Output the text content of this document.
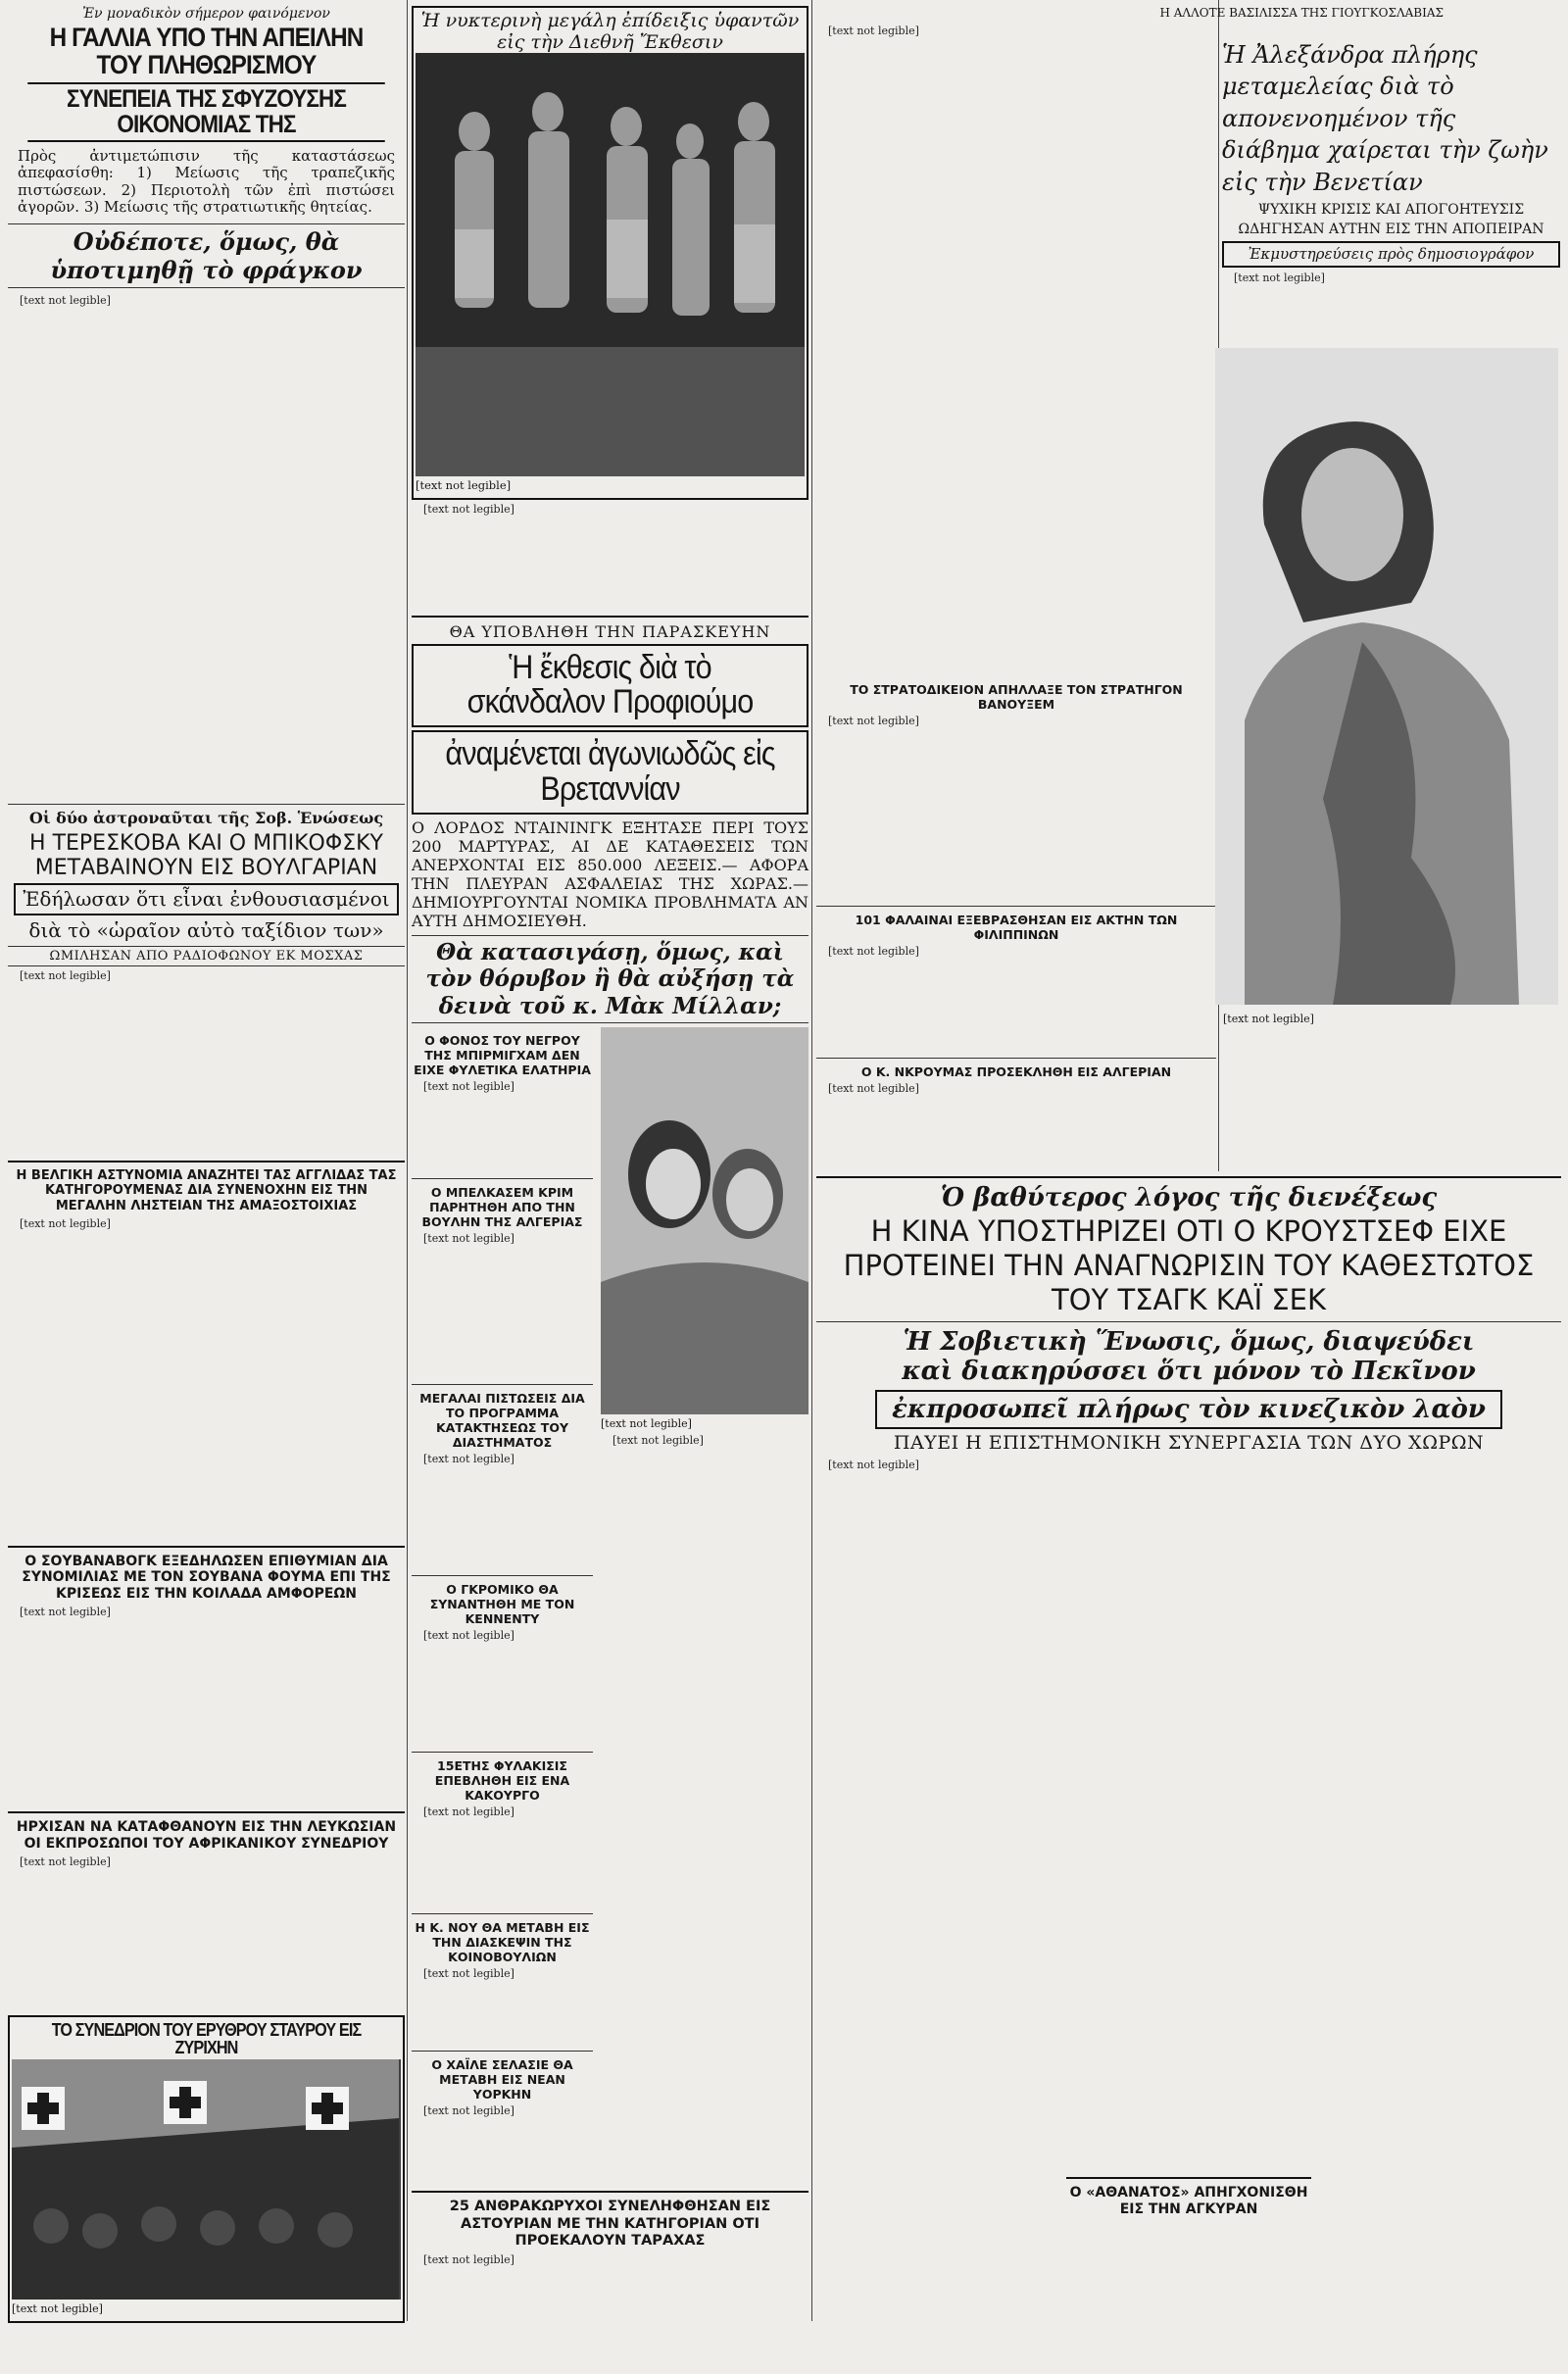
Ἐν μοναδικὸν σήμερον φαινόμενον
Η ΓΑΛΛΙΑ ΥΠΟ ΤΗΝ ΑΠΕΙΛΗΝ ΤΟΥ ΠΛΗΘΩΡΙΣΜΟΥ
ΣΥΝΕΠΕΙΑ ΤΗΣ ΣΦΥΖΟΥΣΗΣ ΟΙΚΟΝΟΜΙΑΣ ΤΗΣ
Πρὸς ἀντιμετώπισιν τῆς καταστάσεως ἀπεφασίσθη: 1) Μείωσις τῆς τραπεζικῆς πιστώσεων. 2) Περιοτολὴ τῶν ἐπὶ πιστώσει ἀγορῶν. 3) Μείωσις τῆς στρατιωτικῆς θητείας.
Οὐδέποτε, ὅμως, θὰ ὑποτιμηθῇ τὸ φράγκον

[text not legible]

Οἱ δύο ἀστροναῦται τῆς Σοβ. Ἑνώσεως
Η ΤΕΡΕΣΚΟΒΑ ΚΑΙ Ο ΜΠΙΚΟΦΣΚΥ
ΜΕΤΑΒΑΙΝΟΥΝ ΕΙΣ ΒΟΥΛΓΑΡΙΑΝ
Ἐδήλωσαν ὅτι εἶναι ἐνθουσιασμένοι
διὰ τὸ «ὡραῖον αὐτὸ ταξίδιον των»
ΩΜΙΛΗΣΑΝ ΑΠΟ ΡΑΔΙΟΦΩΝΟΥ ΕΚ ΜΟΣΧΑΣ

[text not legible]

Η ΒΕΛΓΙΚΗ ΑΣΤΥΝΟΜΙΑ ΑΝΑΖΗΤΕΙ ΤΑΣ ΑΓΓΛΙΔΑΣ ΤΑΣ ΚΑΤΗΓΟΡΟΥΜΕΝΑΣ ΔΙΑ ΣΥΝΕΝΟΧΗΝ ΕΙΣ ΤΗΝ ΜΕΓΑΛΗΝ ΛΗΣΤΕΙΑΝ ΤΗΣ ΑΜΑΞΟΣΤΟΙΧΙΑΣ

[text not legible]

Ο ΣΟΥΒΑΝΑΒΟΓΚ ΕΞΕΔΗΛΩΣΕΝ ΕΠΙΘΥΜΙΑΝ ΔΙΑ ΣΥΝΟΜΙΛΙΑΣ ΜΕ ΤΟΝ ΣΟΥΒΑΝΑ ΦΟΥΜΑ ΕΠΙ ΤΗΣ ΚΡΙΣΕΩΣ ΕΙΣ ΤΗΝ ΚΟΙΛΑΔΑ ΑΜΦΟΡΕΩΝ

[text not legible]

ΗΡΧΙΣΑΝ ΝΑ ΚΑΤΑΦΘΑΝΟΥΝ ΕΙΣ ΤΗΝ ΛΕΥΚΩΣΙΑΝ ΟΙ ΕΚΠΡΟΣΩΠΟΙ ΤΟΥ ΑΦΡΙΚΑΝΙΚΟΥ ΣΥΝΕΔΡΙΟΥ

[text not legible]

ΤΟ ΣΥΝΕΔΡΙΟΝ ΤΟΥ ΕΡΥΘΡΟΥ ΣΤΑΥΡΟΥ ΕΙΣ ΖΥΡΙΧΗΝ
[text not legible]
Ἡ νυκτερινὴ μεγάλη ἐπίδειξις ὑφαντῶν εἰς τὴν Διεθνῆ Ἔκθεσιν
[text not legible]

[text not legible]

ΘΑ ΥΠΟΒΛΗΘΗ ΤΗΝ ΠΑΡΑΣΚΕΥΗΝ
Ἡ ἔκθεσις διὰ τὸ σκάνδαλον Προφιούμο
ἀναμένεται ἀγωνιωδῶς εἰς Βρεταννίαν
Ο ΛΟΡΔΟΣ ΝΤΑΙΝΙΝΓΚ ΕΞΗΤΑΣΕ ΠΕΡΙ ΤΟΥΣ 200 ΜΑΡΤΥΡΑΣ, ΑΙ ΔΕ ΚΑΤΑΘΕΣΕΙΣ ΤΩΝ ΑΝΕΡΧΟΝΤΑΙ ΕΙΣ 850.000 ΛΕΞΕΙΣ.— ΑΦΟΡΑ ΤΗΝ ΠΛΕΥΡΑΝ ΑΣΦΑΛΕΙΑΣ ΤΗΣ ΧΩΡΑΣ.— ΔΗΜΙΟΥΡΓΟΥΝΤΑΙ ΝΟΜΙΚΑ ΠΡΟΒΛΗΜΑΤΑ ΑΝ ΑΥΤΗ ΔΗΜΟΣΙΕΥΘΗ.
Θὰ κατασιγάσῃ, ὅμως, καὶ τὸν θόρυβον ἢ θὰ αὐξήσῃ τὰ δεινὰ τοῦ κ. Μὰκ Μίλλαν;
Ο ΦΟΝΟΣ ΤΟΥ ΝΕΓΡΟΥ ΤΗΣ ΜΠΙΡΜΙΓΧΑΜ ΔΕΝ ΕΙΧΕ ΦΥΛΕΤΙΚΑ ΕΛΑΤΗΡΙΑ

[text not legible]

Ο ΜΠΕΛΚΑΣΕΜ ΚΡΙΜ ΠΑΡΗΤΗΘΗ ΑΠΟ ΤΗΝ ΒΟΥΛΗΝ ΤΗΣ ΑΛΓΕΡΙΑΣ

[text not legible]

ΜΕΓΑΛΑΙ ΠΙΣΤΩΣΕΙΣ ΔΙΑ ΤΟ ΠΡΟΓΡΑΜΜΑ ΚΑΤΑΚΤΗΣΕΩΣ ΤΟΥ ΔΙΑΣΤΗΜΑΤΟΣ

[text not legible]

Ο ΓΚΡΟΜΙΚΟ ΘΑ ΣΥΝΑΝΤΗΘΗ ΜΕ ΤΟΝ ΚΕΝΝΕΝΤΥ

[text not legible]

15ΕΤΗΣ ΦΥΛΑΚΙΣΙΣ ΕΠΕΒΛΗΘΗ ΕΙΣ ΕΝΑ ΚΑΚΟΥΡΓΟ

[text not legible]

Η Κ. ΝΟΥ ΘΑ ΜΕΤΑΒΗ ΕΙΣ ΤΗΝ ΔΙΑΣΚΕΨΙΝ ΤΗΣ ΚΟΙΝΟΒΟΥΛΙΩΝ

[text not legible]

Ο ΧΑΪΛΕ ΣΕΛΑΣΙΕ ΘΑ ΜΕΤΑΒΗ ΕΙΣ ΝΕΑΝ ΥΟΡΚΗΝ

[text not legible]

[text not legible]

[text not legible]

25 ΑΝΘΡΑΚΩΡΥΧΟΙ ΣΥΝΕΛΗΦΘΗΣΑΝ ΕΙΣ ΑΣΤΟΥΡΙΑΝ ΜΕ ΤΗΝ ΚΑΤΗΓΟΡΙΑΝ ΟΤΙ ΠΡΟΕΚΑΛΟΥΝ ΤΑΡΑΧΑΣ

[text not legible]

ΤΟ ΣΤΡΑΤΟΔΙΚΕΙΟΝ ΑΠΗΛΛΑΞΕ ΤΟΝ ΣΤΡΑΤΗΓΟΝ ΒΑΝΟΥΞΕΜ

[text not legible]

101 ΦΑΛΑΙΝΑΙ ΕΞΕΒΡΑΣΘΗΣΑΝ ΕΙΣ ΑΚΤΗΝ ΤΩΝ ΦΙΛΙΠΠΙΝΩΝ

[text not legible]

Ο Κ. ΝΚΡΟΥΜΑΣ ΠΡΟΣΕΚΛΗΘΗ ΕΙΣ ΑΛΓΕΡΙΑΝ

[text not legible]

Η ΑΛΛΟΤΕ ΒΑΣΙΛΙΣΣΑ ΤΗΣ ΓΙΟΥΓΚΟΣΛΑΒΙΑΣ

[text not legible]

Ἡ Ἀλεξάνδρα πλήρης μεταμελείας διὰ τὸ απονενοημένον τῆς διάβημα χαίρεται τὴν ζωὴν εἰς τὴν Βενετίαν
ΨΥΧΙΚΗ ΚΡΙΣΙΣ ΚΑΙ ΑΠΟΓΟΗΤΕΥΣΙΣ
ΩΔΗΓΗΣΑΝ ΑΥΤΗΝ ΕΙΣ ΤΗΝ ΑΠΟΠΕΙΡΑΝ
Ἐκμυστηρεύσεις πρὸς δημοσιογράφον

[text not legible]

[text not legible]
Ὁ βαθύτερος λόγος τῆς διενέξεως
Η ΚΙΝΑ ΥΠΟΣΤΗΡΙΖΕΙ ΟΤΙ Ο ΚΡΟΥΣΤΣΕΦ ΕΙΧΕ ΠΡΟΤΕΙΝΕΙ ΤΗΝ ΑΝΑΓΝΩΡΙΣΙΝ ΤΟΥ ΚΑΘΕΣΤΩΤΟΣ ΤΟΥ ΤΣΑΓΚ ΚΑΪ ΣΕΚ
Ἡ Σοβιετικὴ Ἕνωσις, ὅμως, διαψεύδει
καὶ διακηρύσσει ὅτι μόνον τὸ Πεκῖνον
ἐκπροσωπεῖ πλήρως τὸν κινεζικὸν λαὸν
ΠΑΥΕΙ Η ΕΠΙΣΤΗΜΟΝΙΚΗ ΣΥΝΕΡΓΑΣΙΑ ΤΩΝ ΔΥΟ ΧΩΡΩΝ

[text not legible]

Ο «ΑΘΑΝΑΤΟΣ» ΑΠΗΓΧΟΝΙΣΘΗ ΕΙΣ ΤΗΝ ΑΓΚΥΡΑΝ
